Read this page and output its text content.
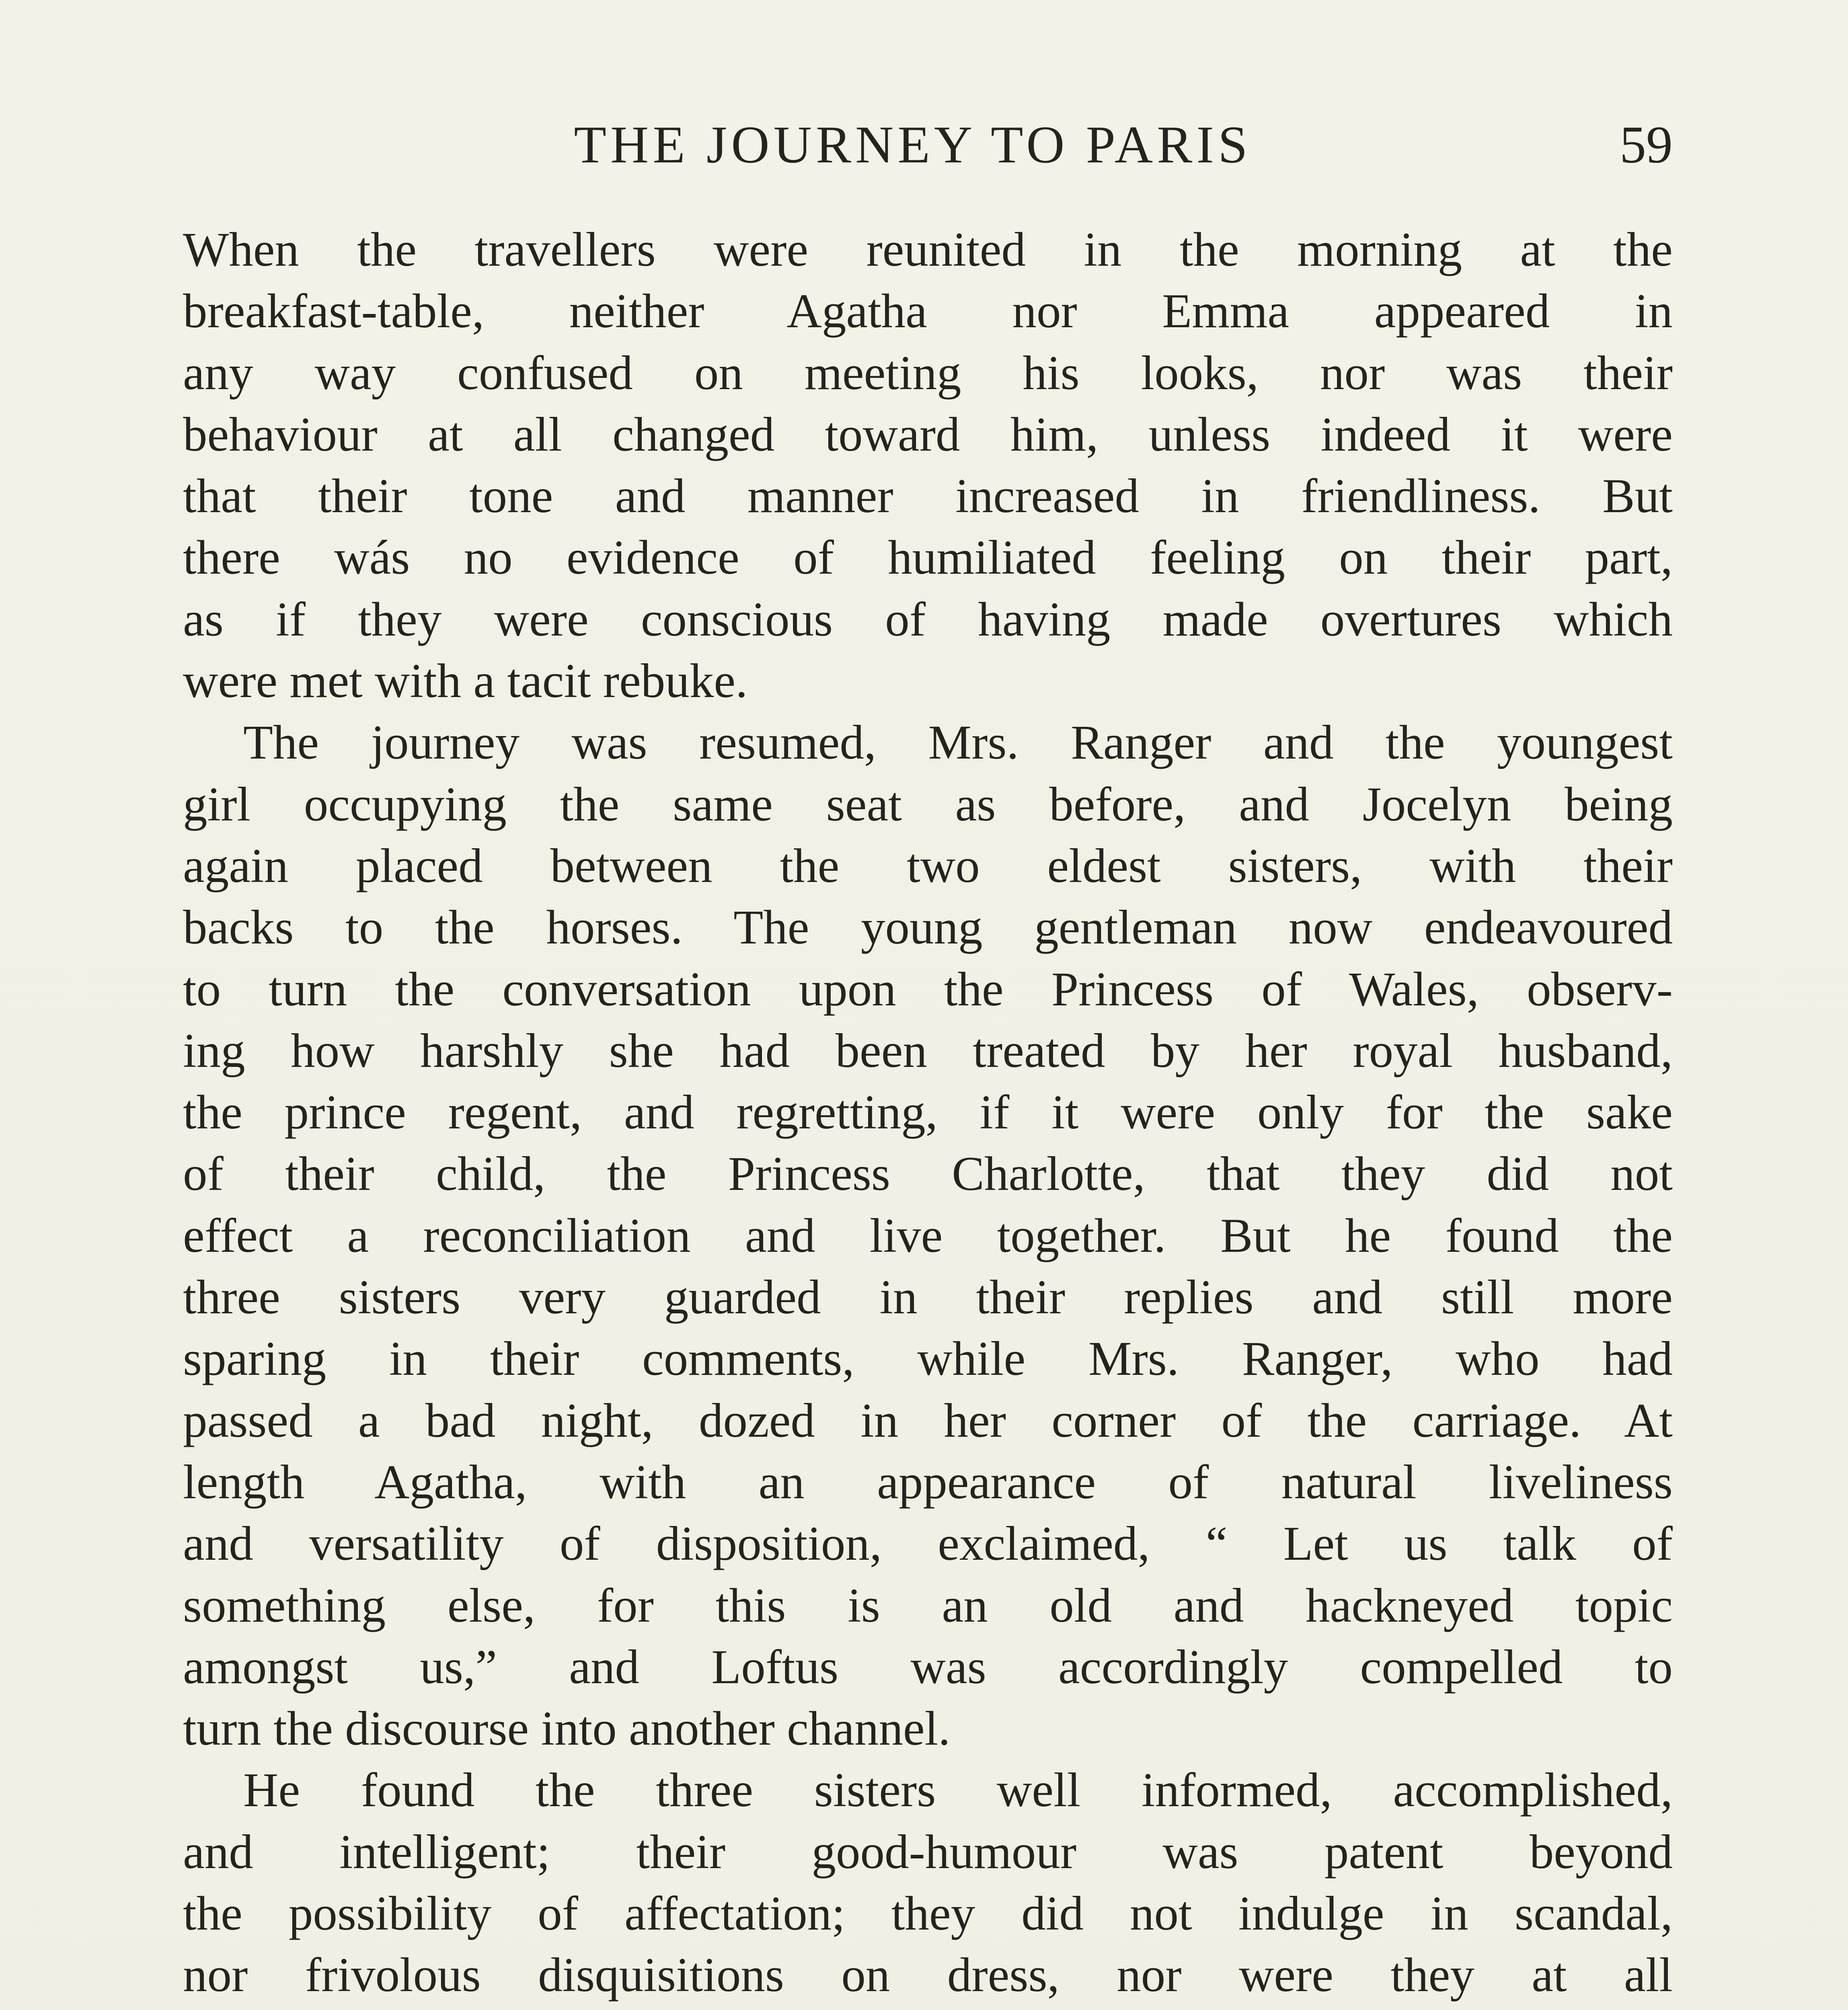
THE JOURNEY TO PARIS	59
When the travellers were reunited in the morning at the
breakfast-table, neither Agatha nor Emma appeared in
any way confused on meeting his looks, nor was their
behaviour at all changed toward him, unless indeed it were
that their tone and manner increased in friendliness. But
there wás no evidence of humiliated feeling on their part,
as if they were conscious of having made overtures which
were met with a tacit rebuke.
The journey was resumed, Mrs. Ranger and the youngest
girl occupying the same seat as before, and Jocelyn being
again placed between the two eldest sisters, with their
backs to the horses. The young gentleman now endeavoured
to turn the conversation upon the Princess of Wales, observ-
ing how harshly she had been treated by her royal husband,
the prince regent, and regretting, if it were only for the sake
of their child, the Princess Charlotte, that they did not
effect a reconciliation and live together. But he found the
three sisters very guarded in their replies and still more
sparing in their comments, while Mrs. Ranger, who had
passed a bad night, dozed in her corner of the carriage. At
length Agatha, with an appearance of natural liveliness
and versatility of disposition, exclaimed, “ Let us talk of
something else, for this is an old and hackneyed topic
amongst us,” and Loftus was accordingly compelled to
turn the discourse into another channel.
He found the three sisters well informed, accomplished,
and intelligent; their good-humour was patent beyond
the possibility of affectation; they did not indulge in scandal,
nor frivolous disquisitions on dress, nor were they at all
